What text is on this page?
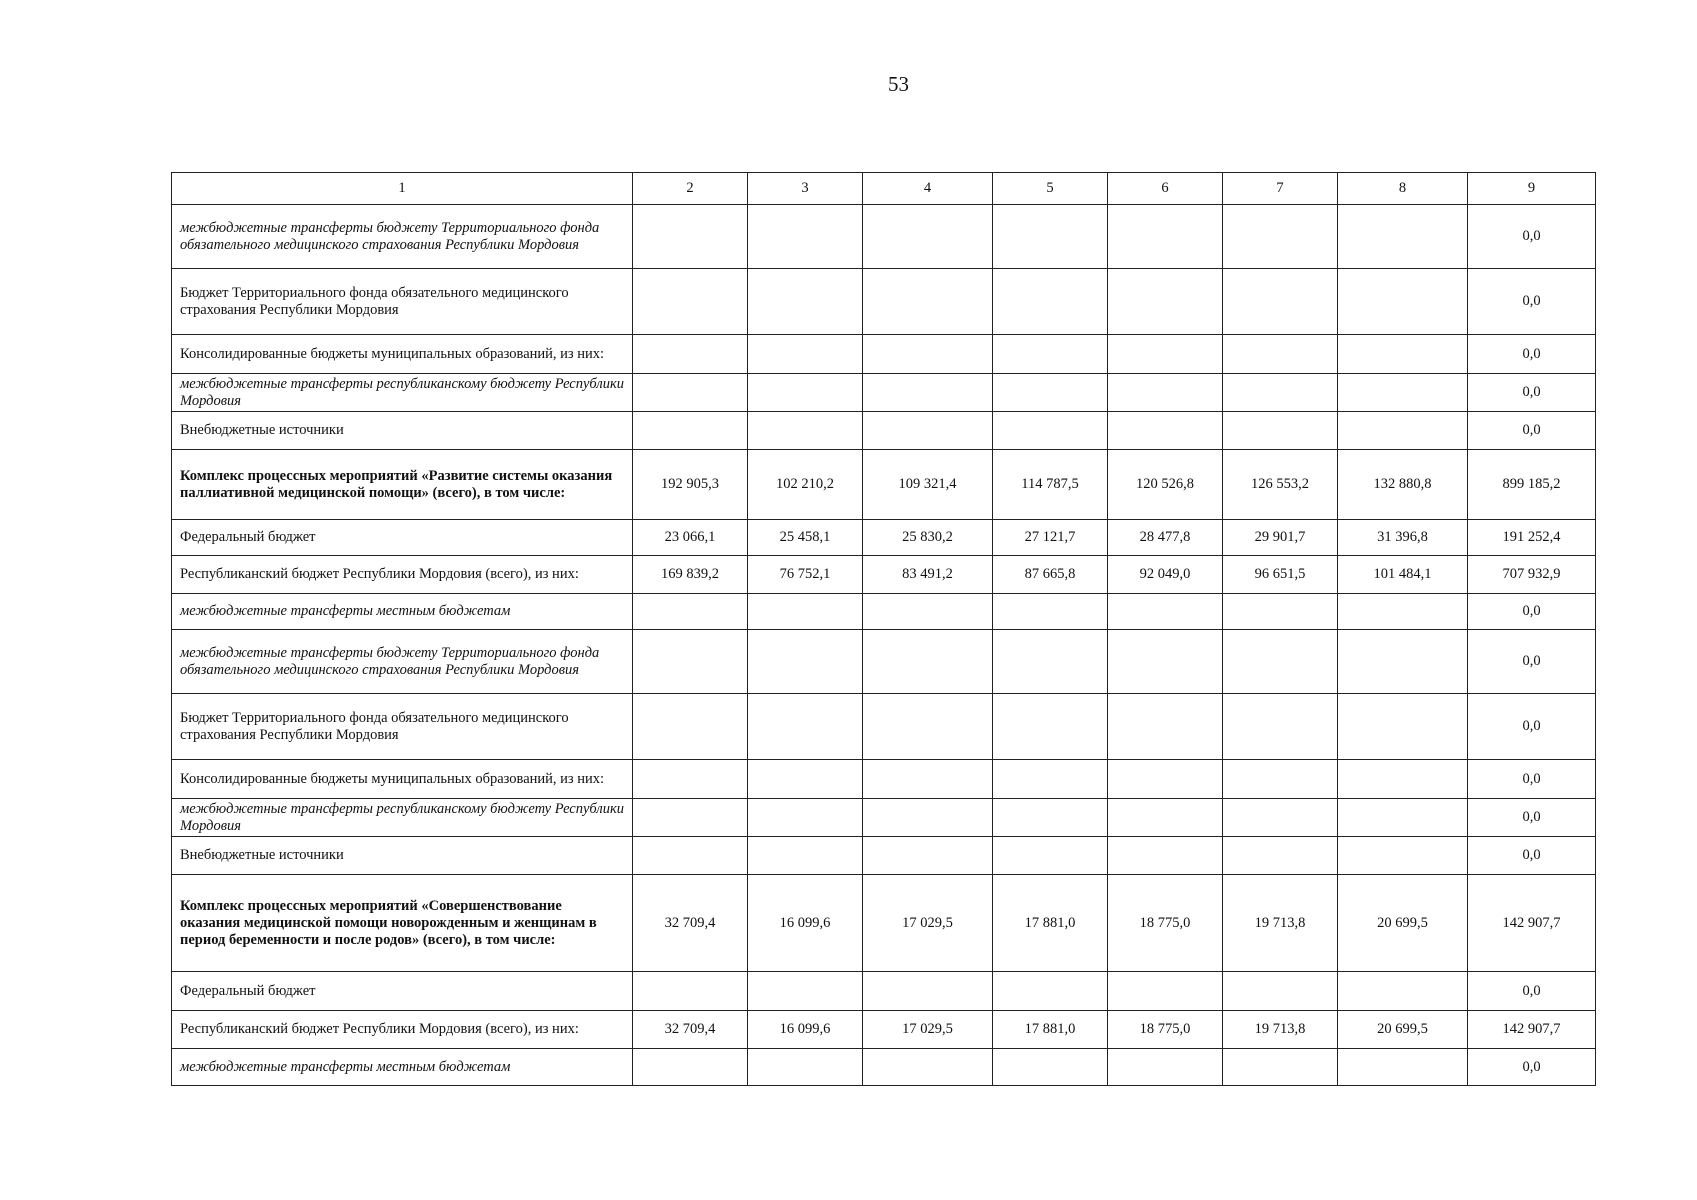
53
1	2	3	4	5	6	7	8	9
межбюджетные трансферты бюджету Территориального фонда обязательного медицинского страхования Республики Мордовия								0,0
Бюджет Территориального фонда обязательного медицинского страхования Республики Мордовия								0,0
Консолидированные бюджеты муниципальных образований, из них:								0,0
межбюджетные трансферты республиканскому бюджету Республики Мордовия								0,0
Внебюджетные источники								0,0
Комплекс процессных мероприятий «Развитие системы оказания паллиативной медицинской помощи» (всего), в том числе:	192 905,3	102 210,2	109 321,4	114 787,5	120 526,8	126 553,2	132 880,8	899 185,2
Федеральный бюджет	23 066,1	25 458,1	25 830,2	27 121,7	28 477,8	29 901,7	31 396,8	191 252,4
Республиканский бюджет Республики Мордовия (всего), из них:	169 839,2	76 752,1	83 491,2	87 665,8	92 049,0	96 651,5	101 484,1	707 932,9
межбюджетные трансферты местным бюджетам								0,0
межбюджетные трансферты бюджету Территориального фонда обязательного медицинского страхования Республики Мордовия								0,0
Бюджет Территориального фонда обязательного медицинского страхования Республики Мордовия								0,0
Консолидированные бюджеты муниципальных образований, из них:								0,0
межбюджетные трансферты республиканскому бюджету Республики Мордовия								0,0
Внебюджетные источники								0,0
Комплекс процессных мероприятий «Совершенствование оказания медицинской помощи новорожденным и женщинам в период беременности и после родов» (всего), в том числе:	32 709,4	16 099,6	17 029,5	17 881,0	18 775,0	19 713,8	20 699,5	142 907,7
Федеральный бюджет								0,0
Республиканский бюджет Республики Мордовия (всего), из них:	32 709,4	16 099,6	17 029,5	17 881,0	18 775,0	19 713,8	20 699,5	142 907,7
межбюджетные трансферты местным бюджетам								0,0
